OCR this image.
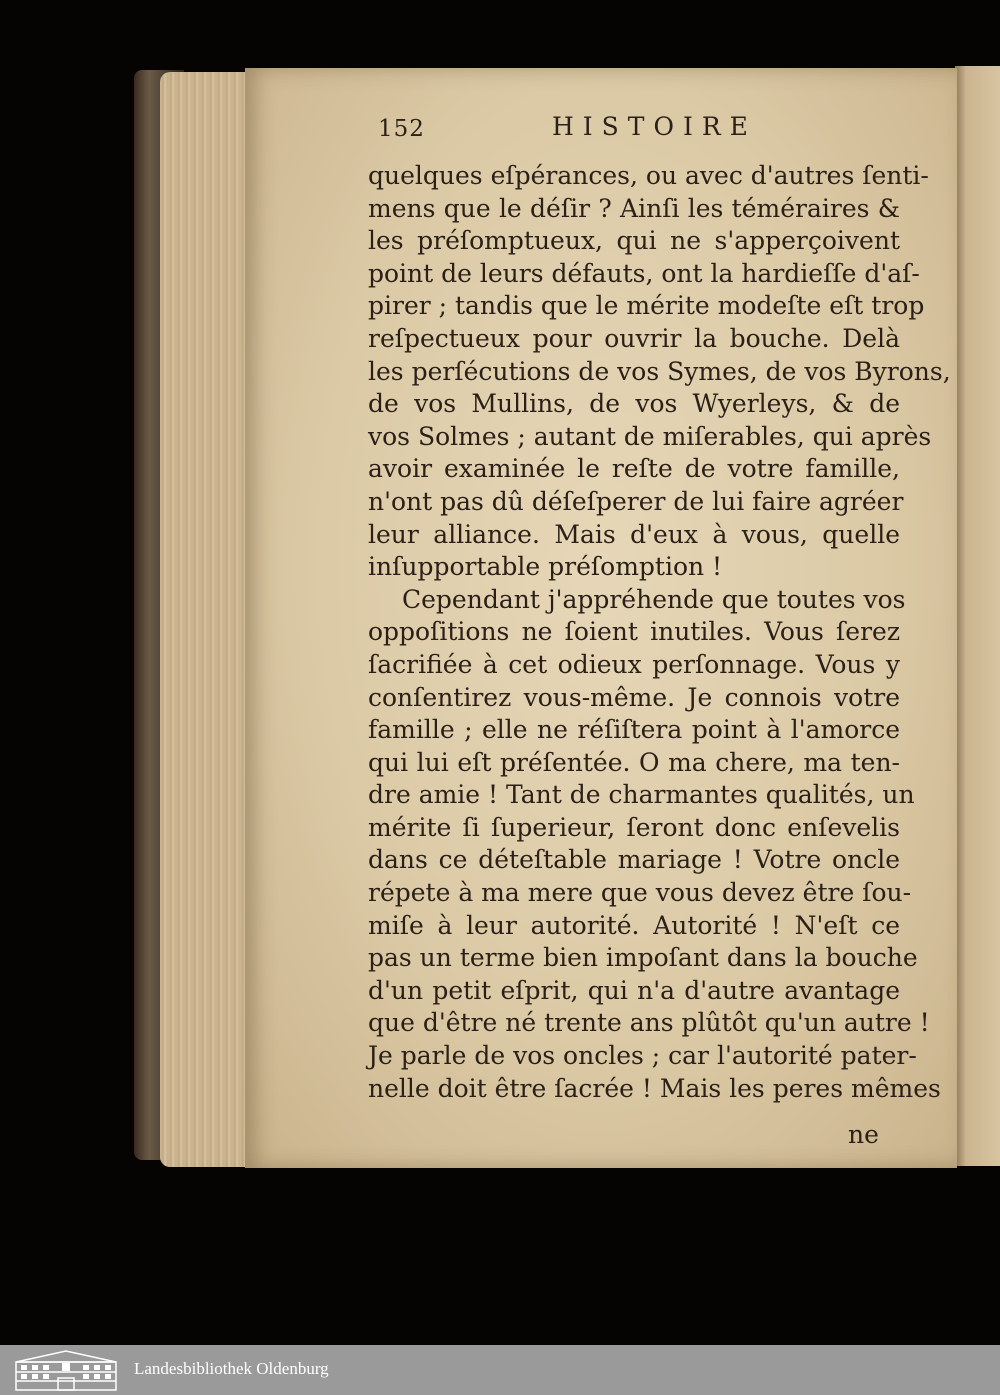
152	HISTOIRE
quelques eſpérances, ou avec d'autres ſenti-
mens que le déſir ? Ainſi les téméraires &
les préſomptueux, qui ne s'apperçoivent
point de leurs défauts, ont la hardieſſe d'aſ-
pirer ; tandis que le mérite modeſte eſt trop
reſpectueux pour ouvrir la bouche. Delà
les perſécutions de vos Symes, de vos Byrons,
de vos Mullins, de vos Wyerleys, & de
vos Solmes ; autant de miſerables, qui après
avoir examinée le reſte de votre famille,
n'ont pas dû déſeſperer de lui faire agréer
leur alliance. Mais d'eux à vous, quelle
inſupportable préſomption !
Cependant j'appréhende que toutes vos
oppoſitions ne ſoient inutiles. Vous ſerez
ſacrifiée à cet odieux perſonnage. Vous y
conſentirez vous-même. Je connois votre
famille ; elle ne réſiſtera point à l'amorce
qui lui eſt préſentée. O ma chere, ma ten-
dre amie ! Tant de charmantes qualités, un
mérite ſi ſuperieur, ſeront donc enſevelis
dans ce déteſtable mariage ! Votre oncle
répete à ma mere que vous devez être ſou-
miſe à leur autorité. Autorité ! N'eſt ce
pas un terme bien impoſant dans la bouche
d'un petit eſprit, qui n'a d'autre avantage
que d'être né trente ans plûtôt qu'un autre !
Je parle de vos oncles ; car l'autorité pater-
nelle doit être ſacrée ! Mais les peres mêmes
ne
Landesbibliothek Oldenburg
